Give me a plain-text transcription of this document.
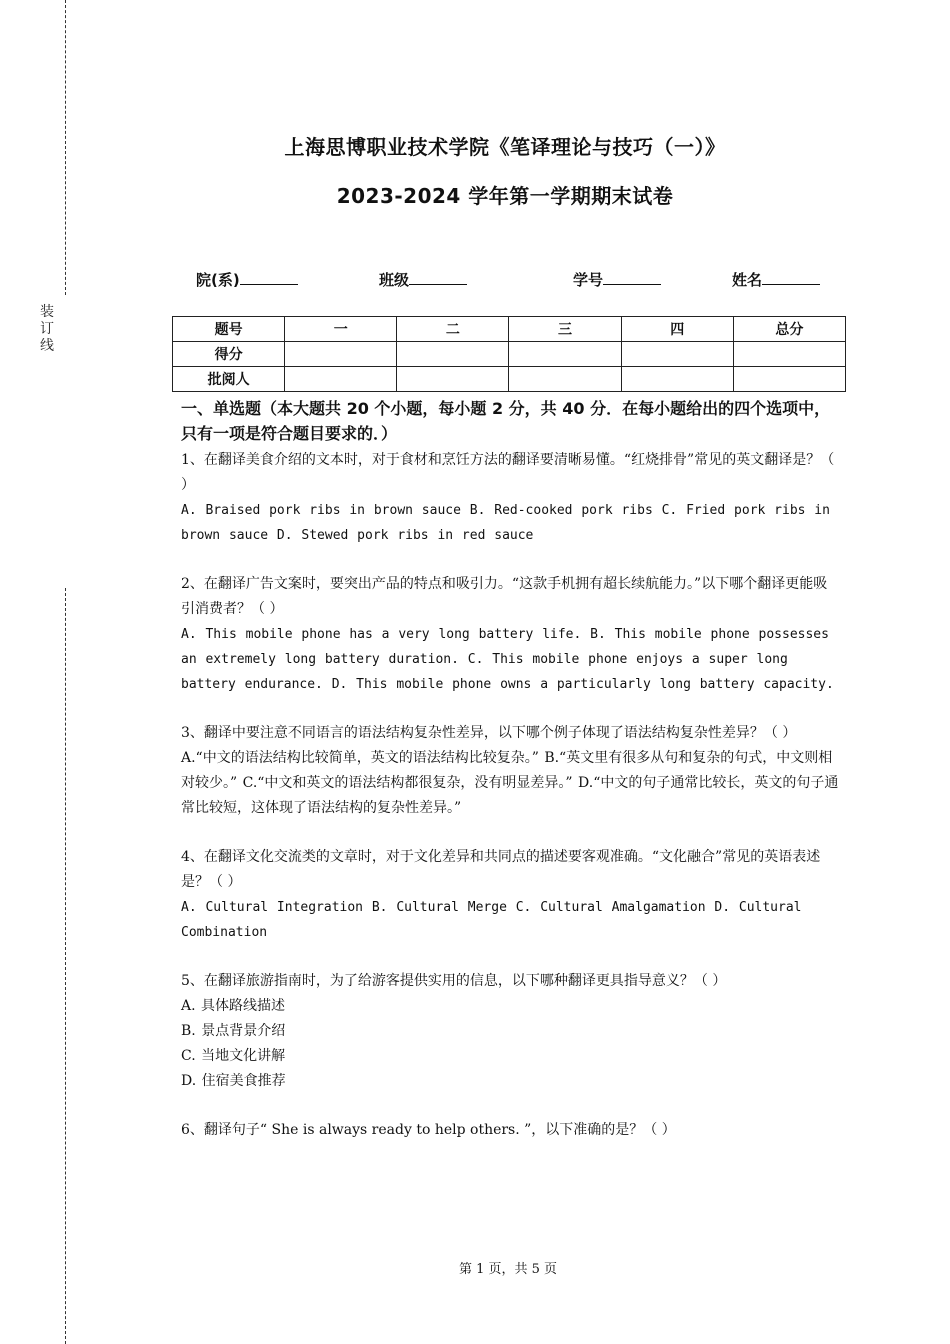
装
订
线
上海思博职业技术学院《笔译理论与技巧（一）》
2023-2024 学年第一学期期末试卷
院(系)	班级	学号	姓名
题号	一	二	三	四	总分
得分					
批阅人					

一、单选题（本大题共 20 个小题，每小题 2 分，共 40 分．在每小题给出的四个选项中，只有一项是符合题目要求的．）

1、在翻译美食介绍的文本时，对于食材和烹饪方法的翻译要清晰易懂。“红烧排骨”常见的英文翻译是？（ ）

A. Braised pork ribs in brown sauce B. Red-cooked pork ribs C. Fried pork ribs in brown sauce D. Stewed pork ribs in red sauce

2、在翻译广告文案时，要突出产品的特点和吸引力。“这款手机拥有超长续航能力。”以下哪个翻译更能吸引消费者？（ ）

A. This mobile phone has a very long battery life. B. This mobile phone possesses an extremely long battery duration. C. This mobile phone enjoys a super long battery endurance. D. This mobile phone owns a particularly long battery capacity.

3、翻译中要注意不同语言的语法结构复杂性差异，以下哪个例子体现了语法结构复杂性差异？（ ）

A.“中文的语法结构比较简单，英文的语法结构比较复杂。” B.“英文里有很多从句和复杂的句式，中文则相对较少。” C.“中文和英文的语法结构都很复杂，没有明显差异。” D.“中文的句子通常比较长，英文的句子通常比较短，这体现了语法结构的复杂性差异。”

4、在翻译文化交流类的文章时，对于文化差异和共同点的描述要客观准确。“文化融合”常见的英语表述是？（ ）

A. Cultural Integration B. Cultural Merge C. Cultural Amalgamation D. Cultural Combination

5、在翻译旅游指南时，为了给游客提供实用的信息，以下哪种翻译更具指导意义？（ ）

A. 具体路线描述
B. 景点背景介绍
C. 当地文化讲解
D. 住宿美食推荐

6、翻译句子“ She is always ready to help others. ”，以下准确的是？（ ）

第 1 页，共 5 页
